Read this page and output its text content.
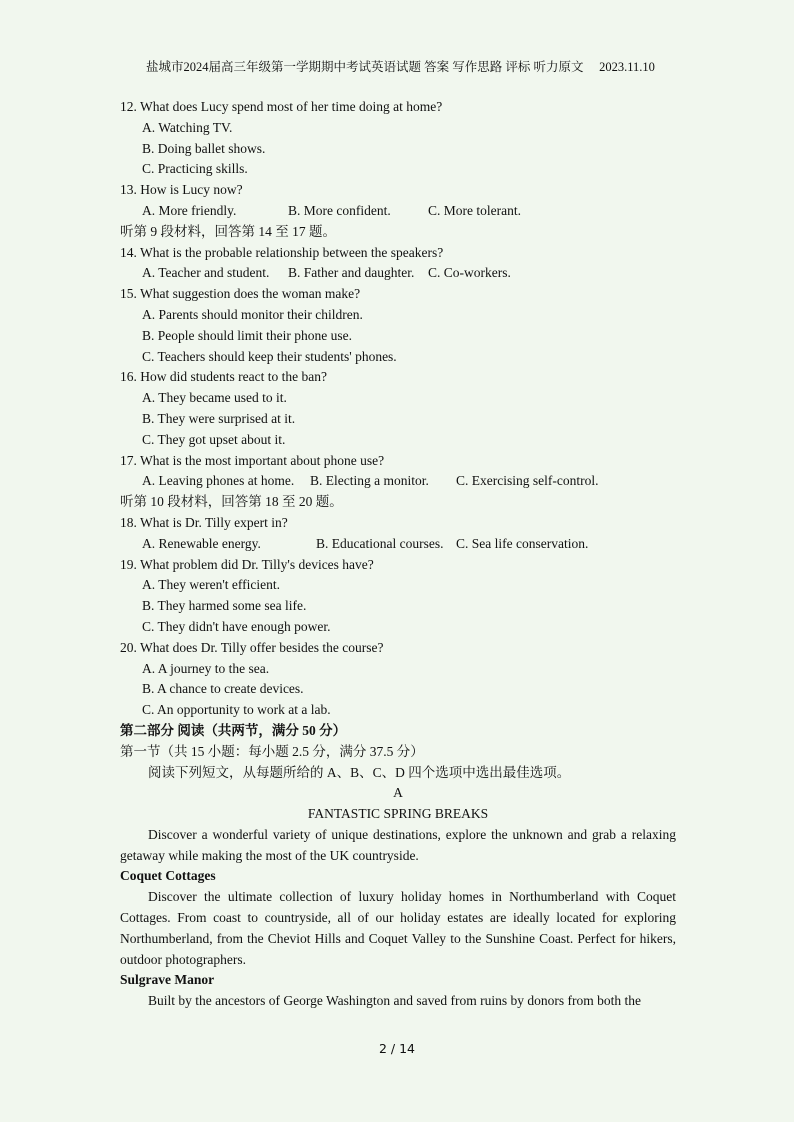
盐城市2024届高三年级第一学期期中考试英语试题 答案 写作思路 评标 听力原文　 2023.11.10
12. What does Lucy spend most of her time doing at home?
A. Watching TV.
B. Doing ballet shows.
C. Practicing skills.
13. How is Lucy now?
A. More friendly.	B. More confident.	C. More tolerant.
听第 9 段材料，回答第 14 至 17 题。
14. What is the probable relationship between the speakers?
A. Teacher and student.	B. Father and daughter.	C. Co-workers.
15. What suggestion does the woman make?
A. Parents should monitor their children.
B. People should limit their phone use.
C. Teachers should keep their students' phones.
16. How did students react to the ban?
A. They became used to it.
B. They were surprised at it.
C. They got upset about it.
17. What is the most important about phone use?
A. Leaving phones at home.	B. Electing a monitor.	C. Exercising self-control.
听第 10 段材料，回答第 18 至 20 题。
18. What is Dr. Tilly expert in?
A. Renewable energy.	B. Educational courses. C. Sea life conservation.
19. What problem did Dr. Tilly's devices have?
A. They weren't efficient.
B. They harmed some sea life.
C. They didn't have enough power.
20. What does Dr. Tilly offer besides the course?
A. A journey to the sea.
B. A chance to create devices.
C. An opportunity to work at a lab.
第二部分 阅读（共两节，满分 50 分）
第一节（共 15 小题：每小题 2.5 分，满分 37.5 分）
阅读下列短文，从每题所给的 A、B、C、D 四个选项中选出最佳选项。
A
FANTASTIC SPRING BREAKS
Discover a wonderful variety of unique destinations, explore the unknown and grab a relaxing getaway while making the most of the UK countryside.
Coquet Cottages
Discover the ultimate collection of luxury holiday homes in Northumberland with Coquet Cottages. From coast to countryside, all of our holiday estates are ideally located for exploring Northumberland, from the Cheviot Hills and Coquet Valley to the Sunshine Coast. Perfect for hikers, outdoor photographers.
Sulgrave Manor
Built by the ancestors of George Washington and saved from ruins by donors from both the
2 / 14
